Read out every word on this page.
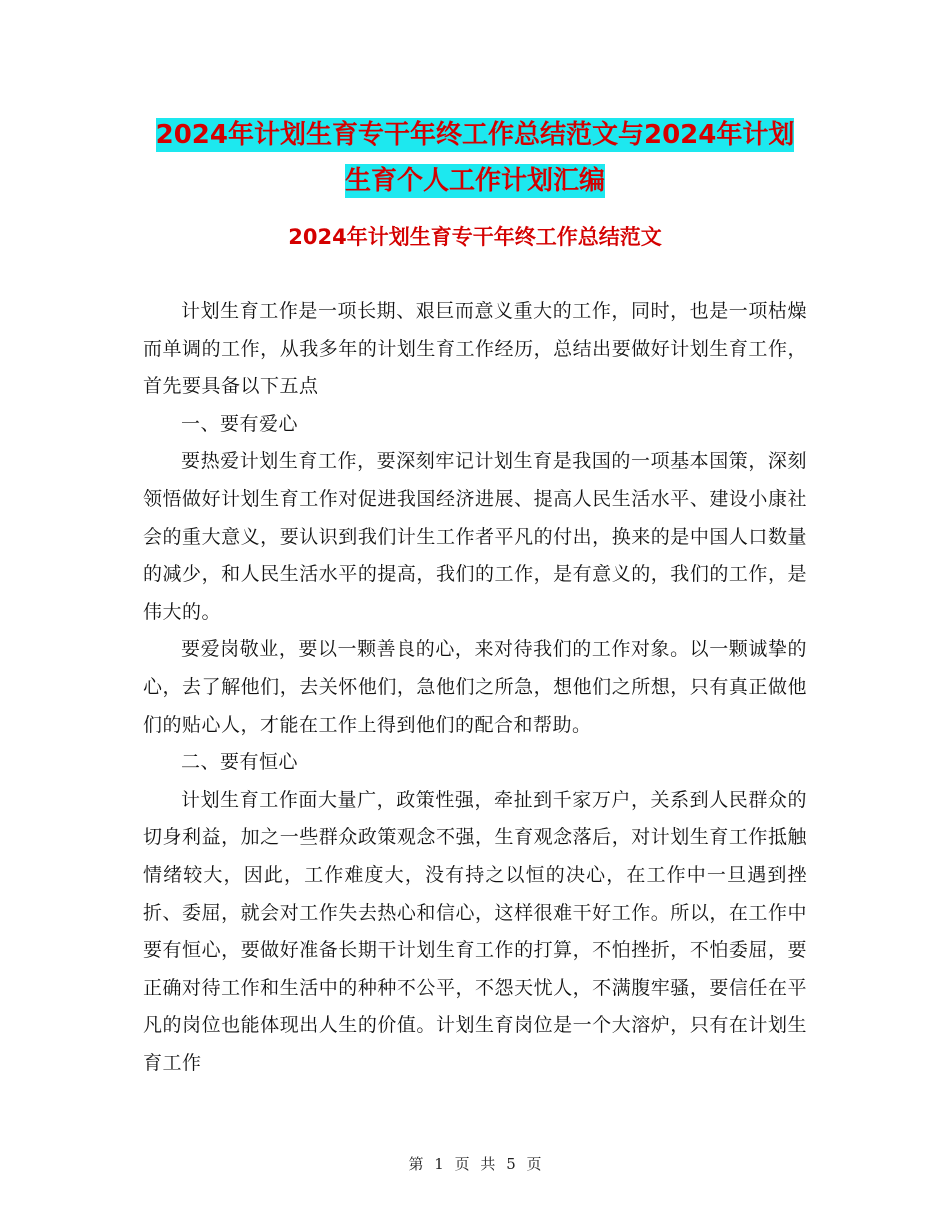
2024年计划生育专干年终工作总结范文与2024年计划
生育个人工作计划汇编
2024年计划生育专干年终工作总结范文

计划生育工作是一项长期、艰巨而意义重大的工作，同时，也是一项枯燥而单调的工作，从我多年的计划生育工作经历，总结出要做好计划生育工作，首先要具备以下五点

一、要有爱心

要热爱计划生育工作，要深刻牢记计划生育是我国的一项基本国策，深刻领悟做好计划生育工作对促进我国经济进展、提高人民生活水平、建设小康社会的重大意义，要认识到我们计生工作者平凡的付出，换来的是中国人口数量的减少，和人民生活水平的提高，我们的工作，是有意义的，我们的工作，是伟大的。

要爱岗敬业，要以一颗善良的心，来对待我们的工作对象。以一颗诚挚的心，去了解他们，去关怀他们，急他们之所急，想他们之所想，只有真正做他们的贴心人，才能在工作上得到他们的配合和帮助。

二、要有恒心

计划生育工作面大量广，政策性强，牵扯到千家万户，关系到人民群众的切身利益，加之一些群众政策观念不强，生育观念落后，对计划生育工作抵触情绪较大，因此，工作难度大，没有持之以恒的决心，在工作中一旦遇到挫折、委屈，就会对工作失去热心和信心，这样很难干好工作。所以，在工作中要有恒心，要做好准备长期干计划生育工作的打算，不怕挫折，不怕委屈，要正确对待工作和生活中的种种不公平，不怨天忧人，不满腹牢骚，要信任在平凡的岗位也能体现出人生的价值。计划生育岗位是一个大溶炉，只有在计划生育工作

第 1 页 共 5 页
